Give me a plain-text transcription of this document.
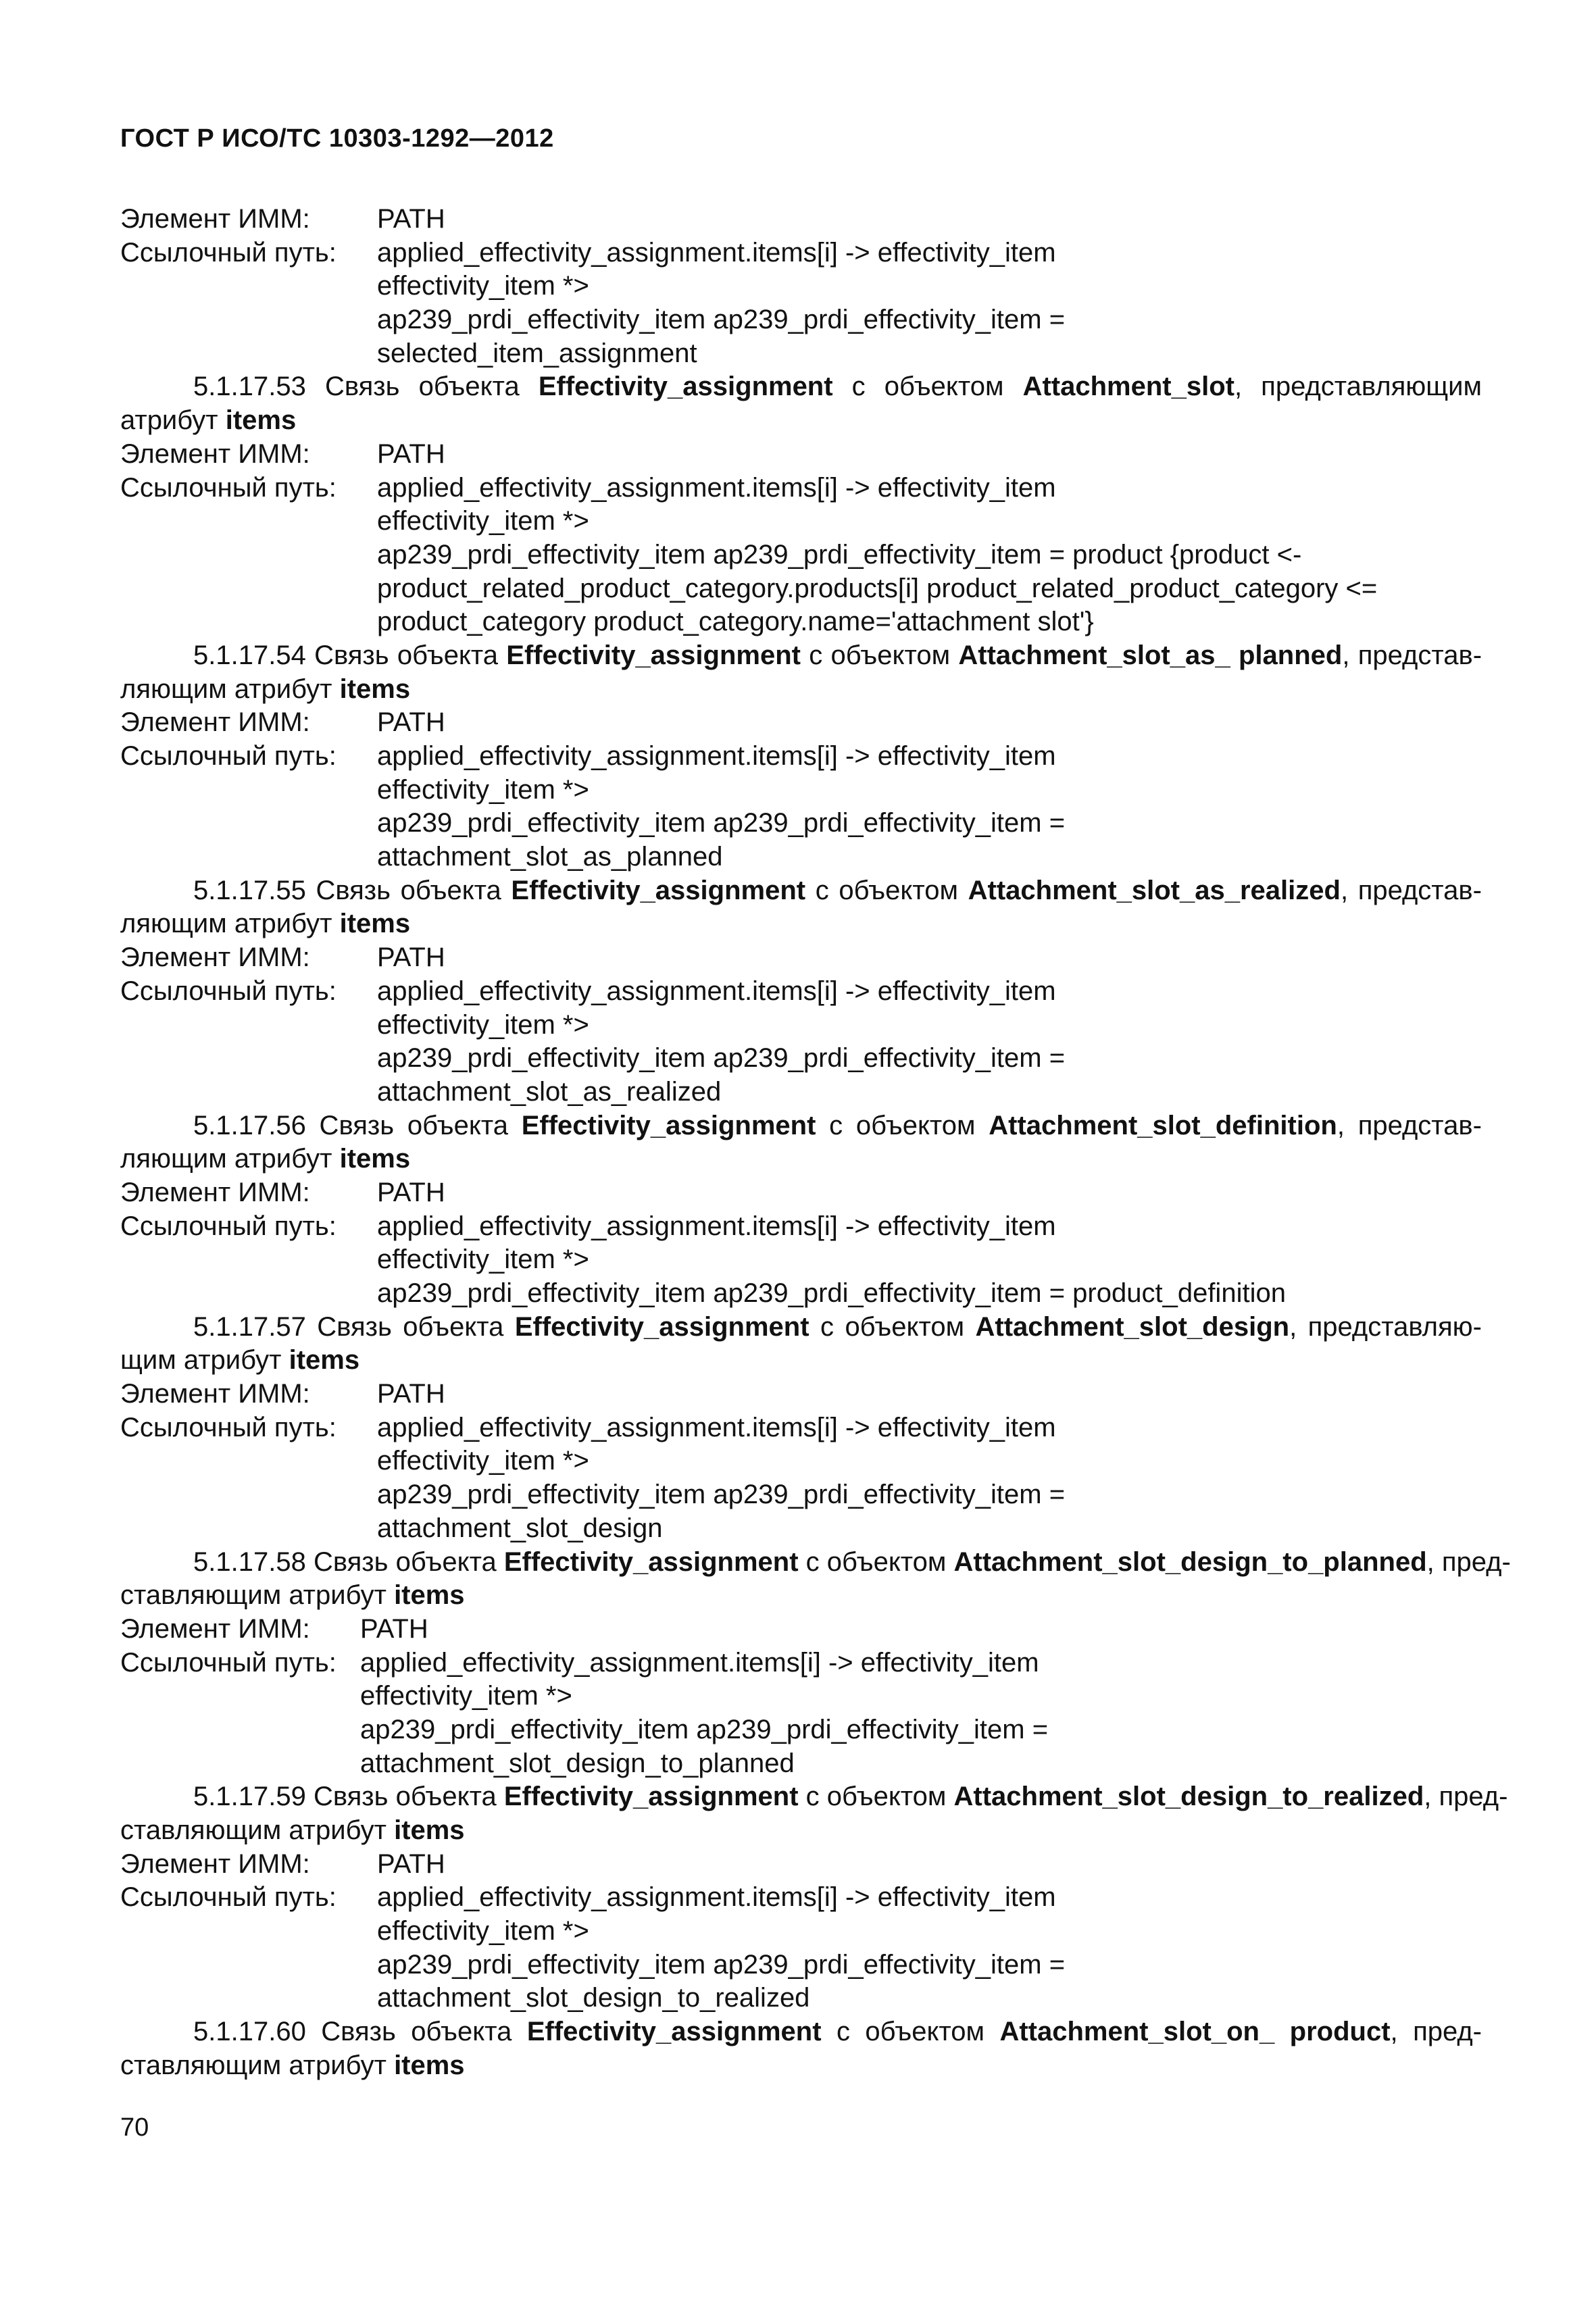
ГОСТ Р ИСО/ТС 10303-1292—2012
Элемент ИММ:	PATH
Ссылочный путь:	applied_effectivity_assignment.items[i] -> effectivity_item
effectivity_item *>
ap239_prdi_effectivity_item ap239_prdi_effectivity_item =
selected_item_assignment
5.1.17.53 Связь объекта Effectivity_assignment с объектом Attachment_slot, представляющим
атрибут items
Элемент ИММ:	PATH
Ссылочный путь:	applied_effectivity_assignment.items[i] -> effectivity_item
effectivity_item *>
ap239_prdi_effectivity_item ap239_prdi_effectivity_item = product {product <-
product_related_product_category.products[i] product_related_product_category <=
product_category product_category.name='attachment slot'}
5.1.17.54 Связь объекта Effectivity_assignment с объектом Attachment_slot_as_ planned, представ-
ляющим атрибут items
Элемент ИММ:	PATH
Ссылочный путь:	applied_effectivity_assignment.items[i] -> effectivity_item
effectivity_item *>
ap239_prdi_effectivity_item ap239_prdi_effectivity_item =
attachment_slot_as_planned
5.1.17.55 Связь объекта Effectivity_assignment с объектом Attachment_slot_as_realized, представ-
ляющим атрибут items
Элемент ИММ:	PATH
Ссылочный путь:	applied_effectivity_assignment.items[i] -> effectivity_item
effectivity_item *>
ap239_prdi_effectivity_item ap239_prdi_effectivity_item =
attachment_slot_as_realized
5.1.17.56 Связь объекта Effectivity_assignment с объектом Attachment_slot_definition, представ-
ляющим атрибут items
Элемент ИММ:	PATH
Ссылочный путь:	applied_effectivity_assignment.items[i] -> effectivity_item
effectivity_item *>
ap239_prdi_effectivity_item ap239_prdi_effectivity_item = product_definition
5.1.17.57 Связь объекта Effectivity_assignment с объектом Attachment_slot_design, представляю-
щим атрибут items
Элемент ИММ:	PATH
Ссылочный путь:	applied_effectivity_assignment.items[i] -> effectivity_item
effectivity_item *>
ap239_prdi_effectivity_item ap239_prdi_effectivity_item =
attachment_slot_design
5.1.17.58 Связь объекта Effectivity_assignment с объектом Attachment_slot_design_to_planned, пред-
ставляющим атрибут items
Элемент ИММ:	PATH
Ссылочный путь: applied_effectivity_assignment.items[i] -> effectivity_item
effectivity_item *>
ap239_prdi_effectivity_item ap239_prdi_effectivity_item =
attachment_slot_design_to_planned
5.1.17.59 Связь объекта Effectivity_assignment с объектом Attachment_slot_design_to_realized, пред-
ставляющим атрибут items
Элемент ИММ:	PATH
Ссылочный путь:	applied_effectivity_assignment.items[i] -> effectivity_item
effectivity_item *>
ap239_prdi_effectivity_item ap239_prdi_effectivity_item =
attachment_slot_design_to_realized
5.1.17.60 Связь объекта Effectivity_assignment с объектом Attachment_slot_on_ product, пред-
ставляющим атрибут items
70
